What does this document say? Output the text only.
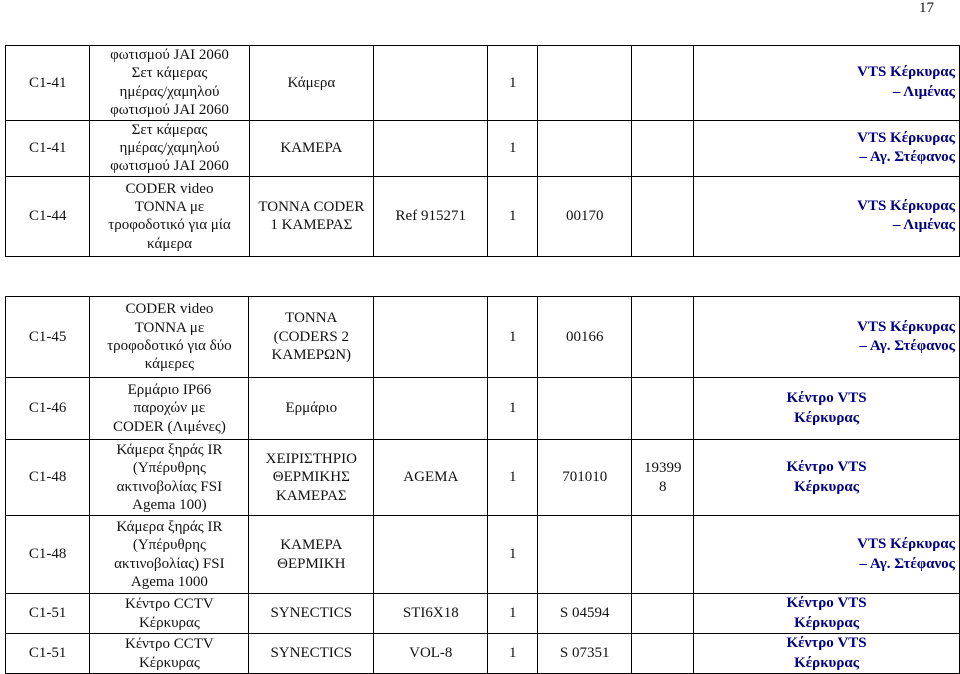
17
C1-41	φωτισμού JAI 2060
Σετ κάμερας
ημέρας/χαμηλού
φωτισμού JAI 2060	Κάμερα		1			VTS Κέρκυρας
– Λιμένας

C1-41	Σετ κάμερας
ημέρας/χαμηλού
φωτισμού JAI 2060	ΚΑΜΕΡΑ		1			VTS Κέρκυρας
– Αγ. Στέφανος

C1-44	CODER video
TONNA με
τροφοδοτικό για μία
κάμερα	TONNA CODER
1 ΚΑΜΕΡΑΣ	Ref 915271	1	00170		VTS Κέρκυρας
– Λιμένας
C1-45	CODER video
TONNA με
τροφοδοτικό για δύο
κάμερες	TONNA
(CODERS 2
ΚΑΜΕΡΩΝ)		1	00166		VTS Κέρκυρας
– Αγ. Στέφανος

C1-46	Ερμάριο IP66
παροχών με
CODER (Λιμένες)	Ερμάριο		1			Κέντρο VTS
Κέρκυρας

C1-48	Κάμερα ξηράς IR
(Υπέρυθρης
ακτινοβολίας FSI
Agema 100)	ΧΕΙΡΙΣΤΗΡΙΟ
ΘΕΡΜΙΚΗΣ
ΚΑΜΕΡΑΣ	AGEMA	1	701010	19399
8	Κέντρο VTS
Κέρκυρας

C1-48	Κάμερα ξηράς IR
(Υπέρυθρης
ακτινοβολίας) FSI
Agema 1000	ΚΑΜΕΡΑ
ΘΕΡΜΙΚΗ		1			VTS Κέρκυρας
– Αγ. Στέφανος

C1-51	Κέντρο CCTV
Κέρκυρας	SYNECTICS	STI6X18	1	S 04594		Κέντρο VTS
Κέρκυρας

C1-51	Κέντρο CCTV
Κέρκυρας	SYNECTICS	VOL-8	1	S 07351		Κέντρο VTS
Κέρκυρας
